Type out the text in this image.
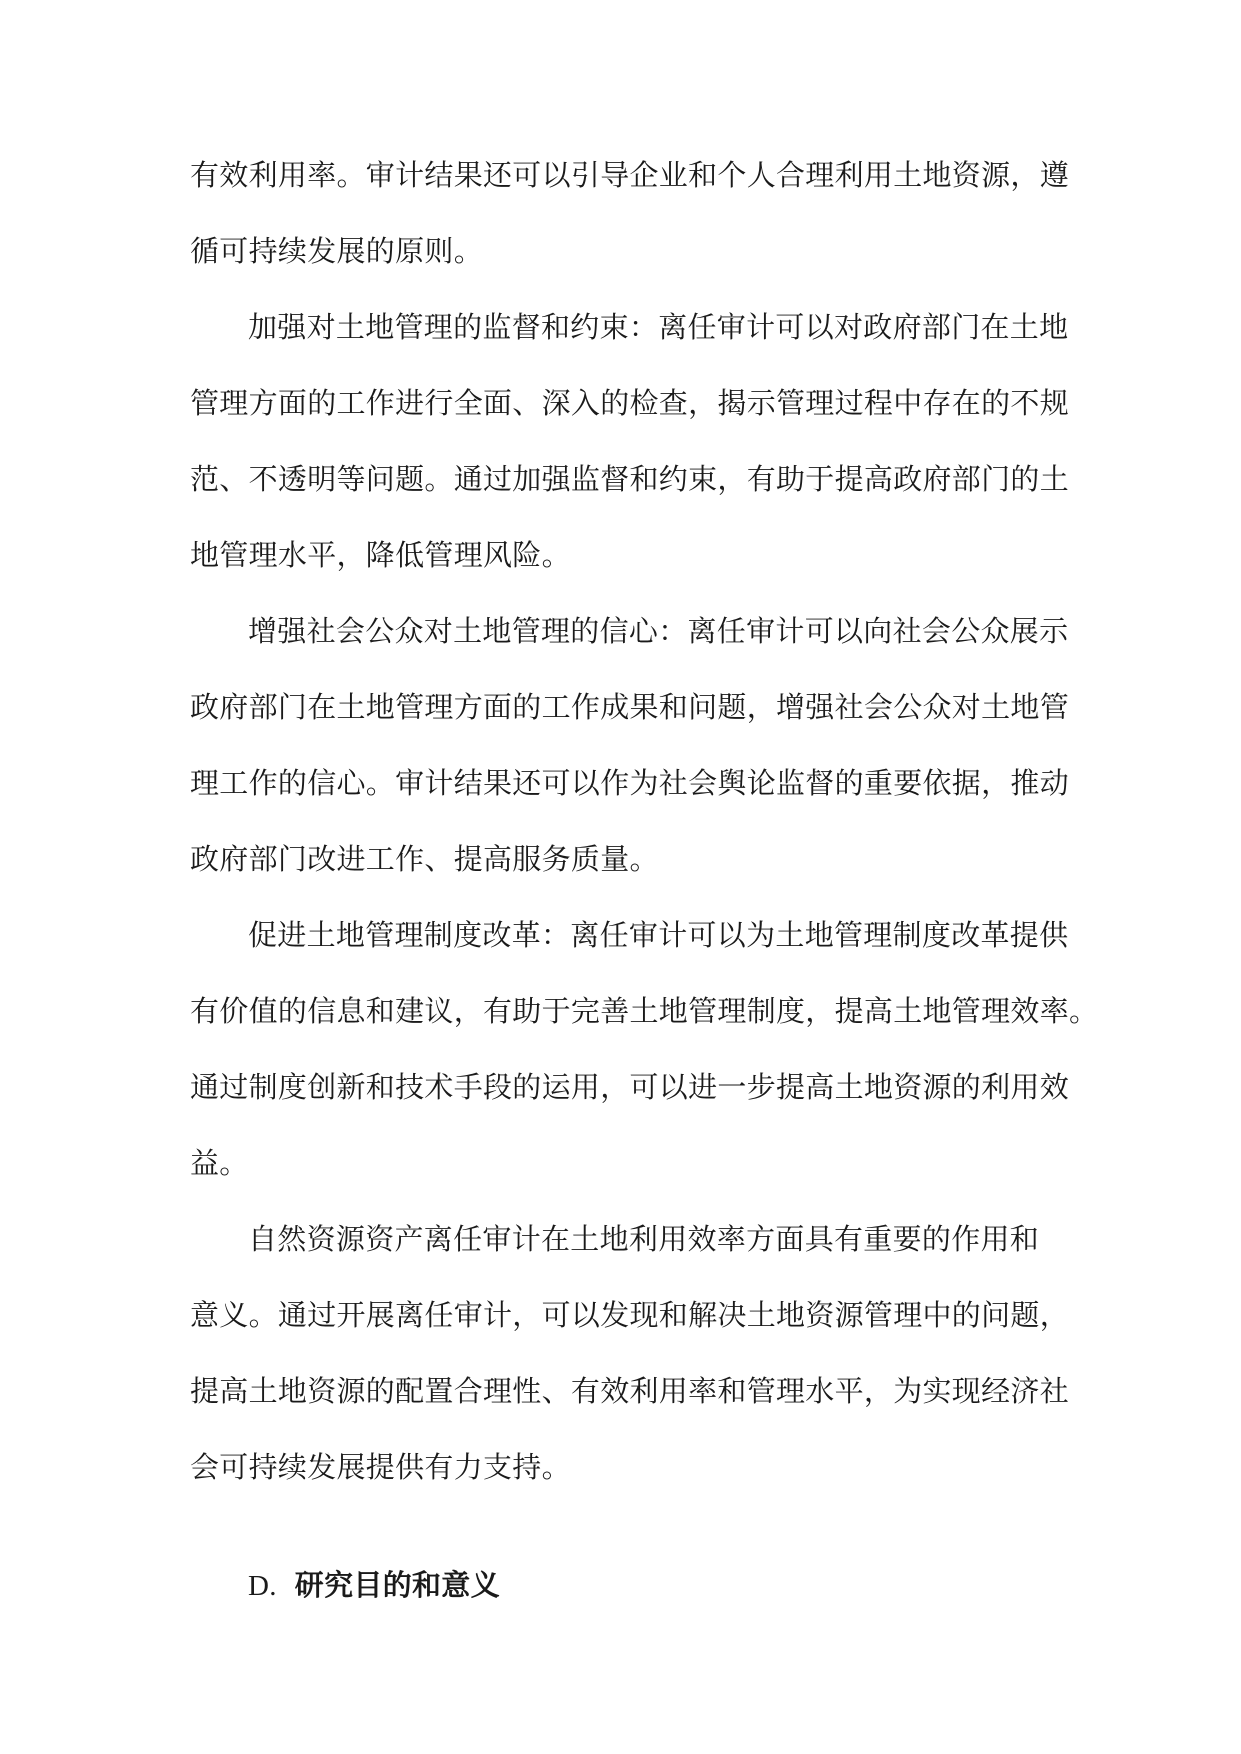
有效利用率。审计结果还可以引导企业和个人合理利用土地资源，遵
循可持续发展的原则。
加强对土地管理的监督和约束：离任审计可以对政府部门在土地
管理方面的工作进行全面、深入的检查，揭示管理过程中存在的不规
范、不透明等问题。通过加强监督和约束，有助于提高政府部门的土
地管理水平，降低管理风险。
增强社会公众对土地管理的信心：离任审计可以向社会公众展示
政府部门在土地管理方面的工作成果和问题，增强社会公众对土地管
理工作的信心。审计结果还可以作为社会舆论监督的重要依据，推动
政府部门改进工作、提高服务质量。
促进土地管理制度改革：离任审计可以为土地管理制度改革提供
有价值的信息和建议，有助于完善土地管理制度，提高土地管理效率。
通过制度创新和技术手段的运用，可以进一步提高土地资源的利用效
益。
自然资源资产离任审计在土地利用效率方面具有重要的作用和
意义。通过开展离任审计，可以发现和解决土地资源管理中的问题，
提高土地资源的配置合理性、有效利用率和管理水平，为实现经济社
会可持续发展提供有力支持。
D. 研究目的和意义
